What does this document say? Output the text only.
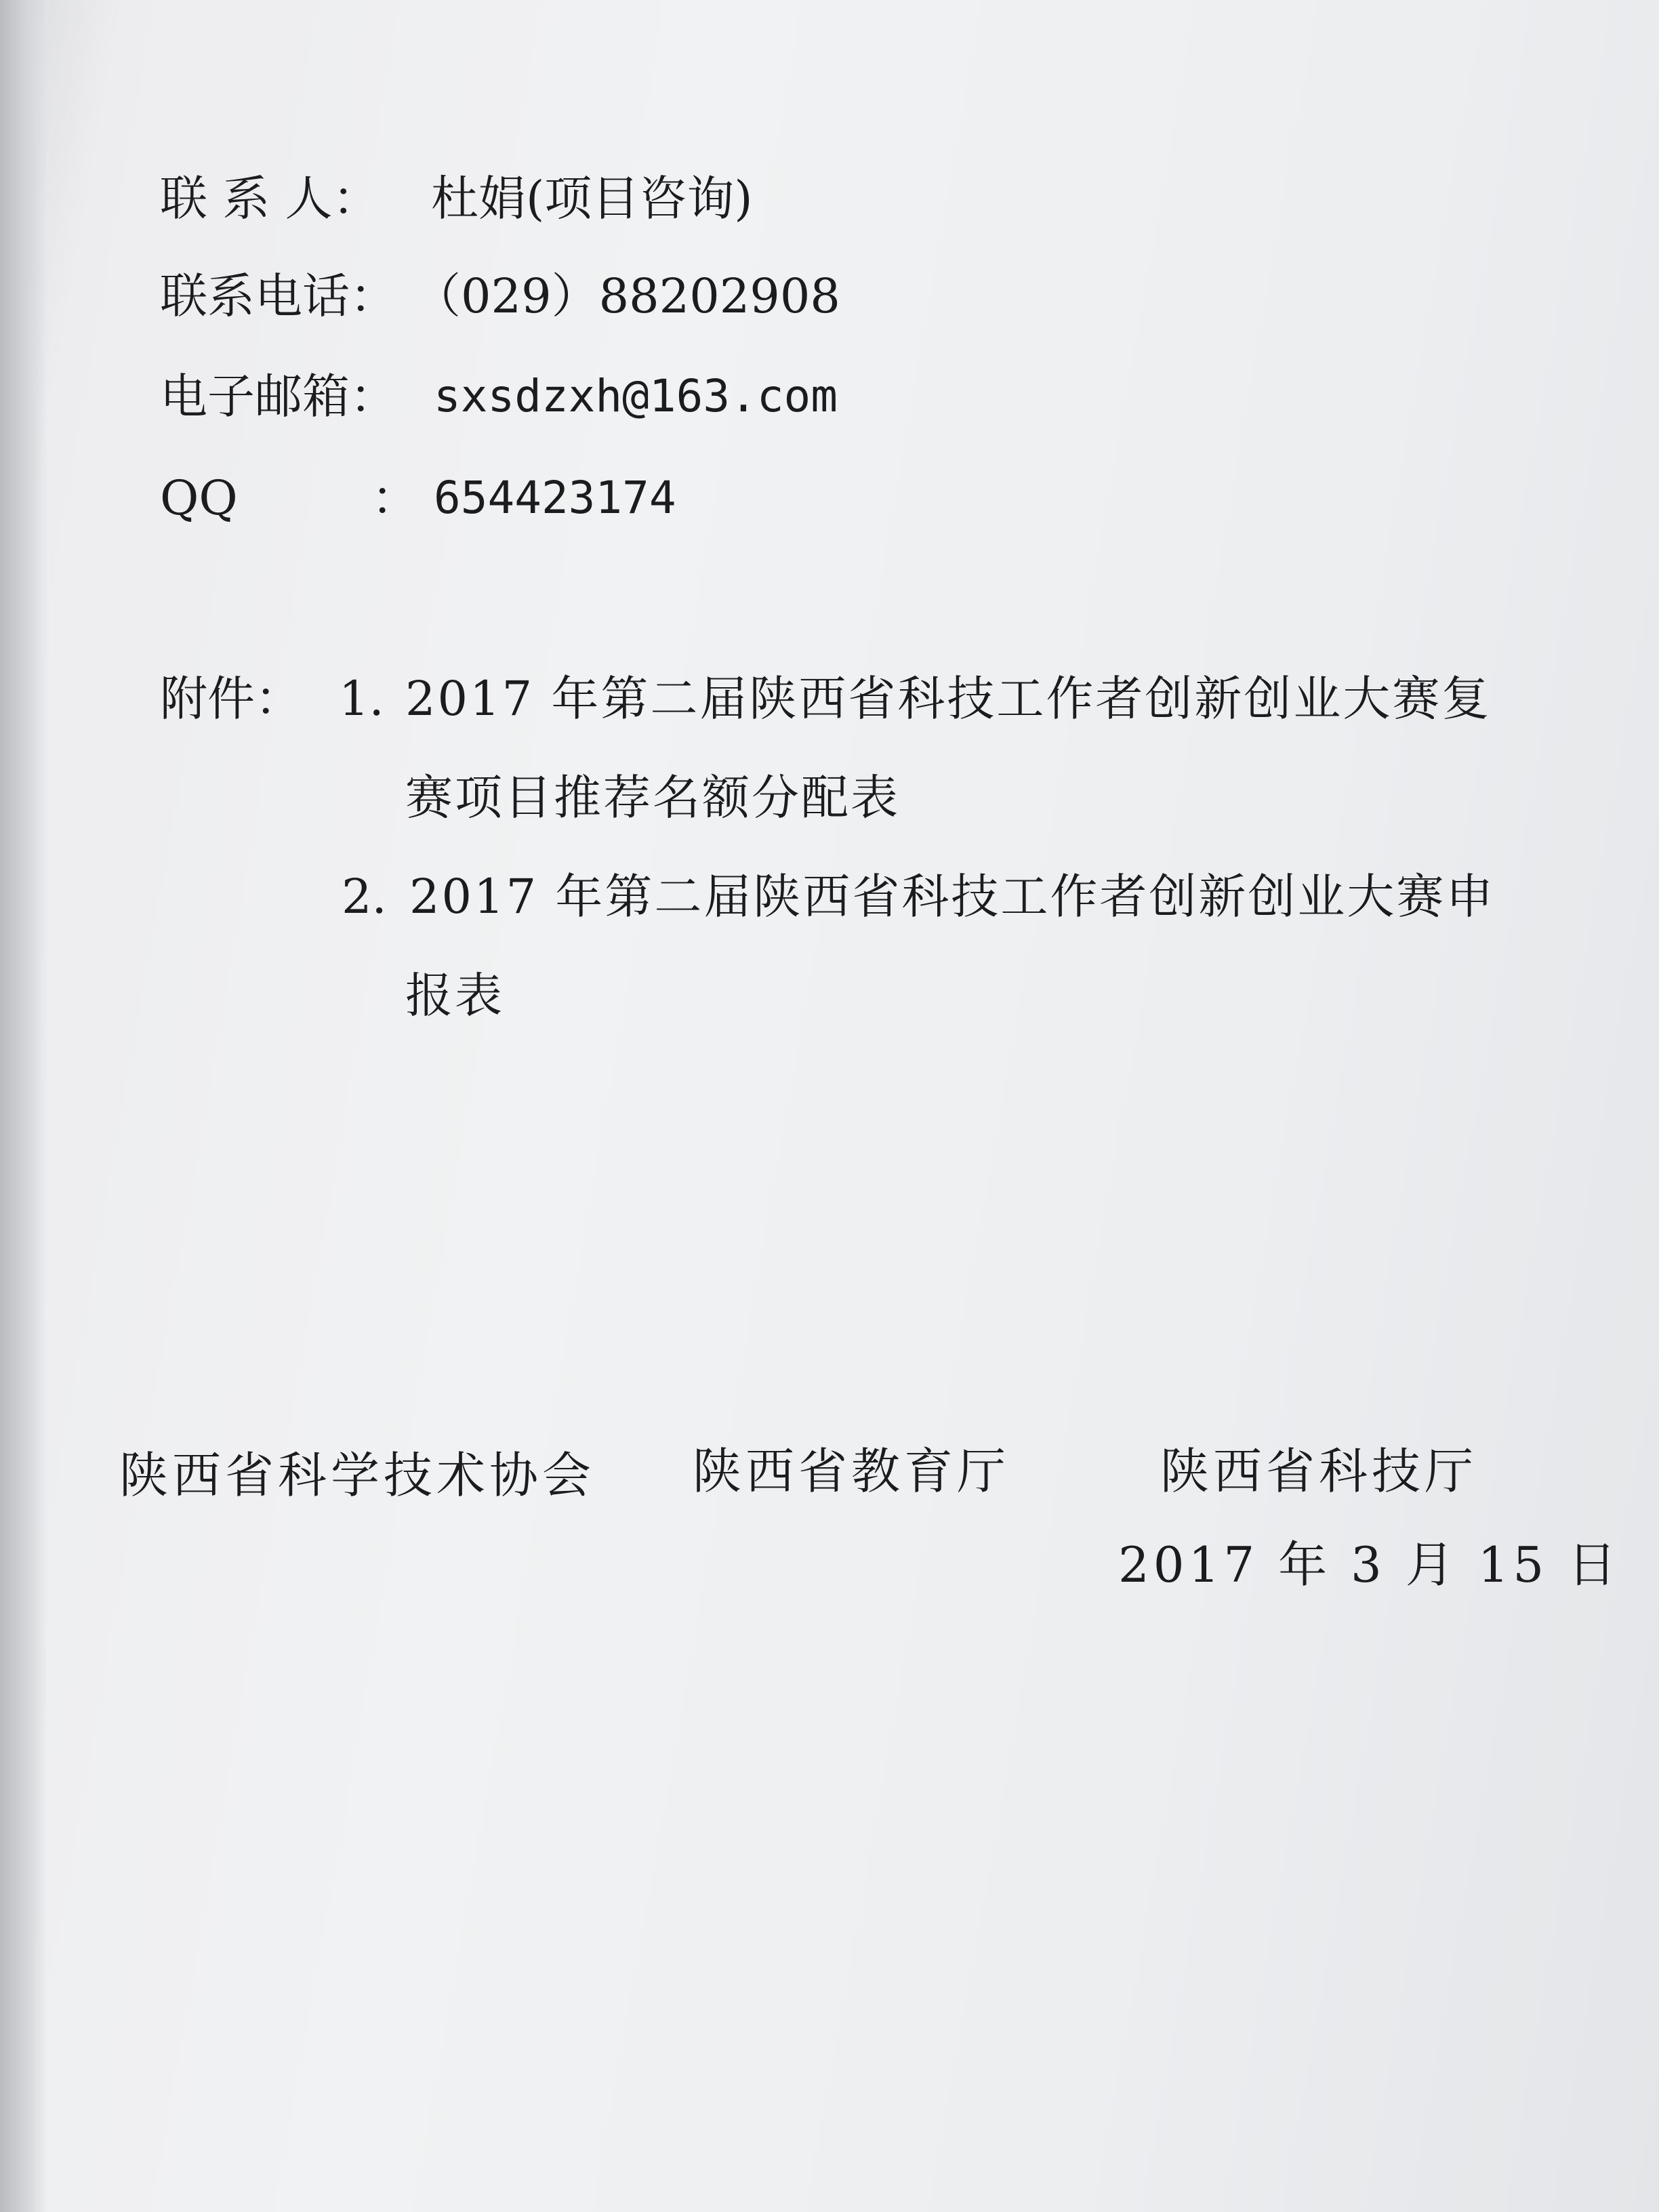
联 系 人： 杜娟(项目咨询)
联系电话： （029）88202908
电子邮箱： sxsdzxh@163.com
QQ	： 654423174
附件： 1. 2017 年第二届陕西省科技工作者创新创业大赛复
赛项目推荐名额分配表
2. 2017 年第二届陕西省科技工作者创新创业大赛申
报表
陕西省科学技术协会 陕西省教育厅	陕西省科技厅
2017 年 3 月 15 日
